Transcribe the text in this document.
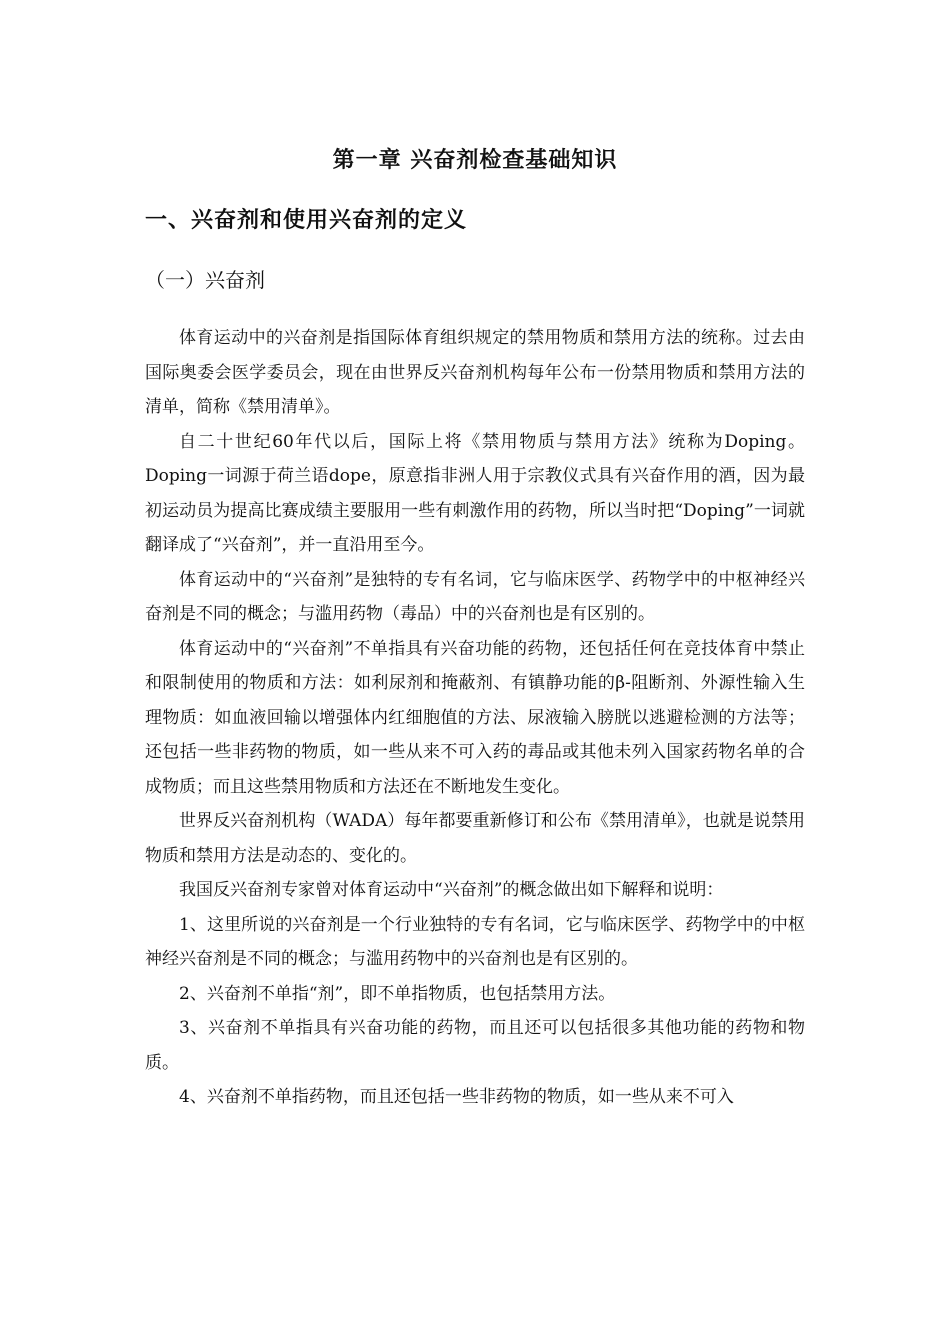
第一章 兴奋剂检查基础知识
一、兴奋剂和使用兴奋剂的定义
（一）兴奋剂

体育运动中的兴奋剂是指国际体育组织规定的禁用物质和禁用方法的统称。过去由国际奥委会医学委员会，现在由世界反兴奋剂机构每年公布一份禁用物质和禁用方法的清单，简称《禁用清单》。

自二十世纪60年代以后，国际上将《禁用物质与禁用方法》统称为Doping。Doping一词源于荷兰语dope，原意指非洲人用于宗教仪式具有兴奋作用的酒，因为最初运动员为提高比赛成绩主要服用一些有刺激作用的药物，所以当时把“Doping”一词就翻译成了“兴奋剂”，并一直沿用至今。

体育运动中的“兴奋剂”是独特的专有名词，它与临床医学、药物学中的中枢神经兴奋剂是不同的概念；与滥用药物（毒品）中的兴奋剂也是有区别的。

体育运动中的“兴奋剂”不单指具有兴奋功能的药物，还包括任何在竞技体育中禁止和限制使用的物质和方法：如利尿剂和掩蔽剂、有镇静功能的β-阻断剂、外源性输入生理物质：如血液回输以增强体内红细胞值的方法、尿液输入膀胱以逃避检测的方法等；还包括一些非药物的物质，如一些从来不可入药的毒品或其他未列入国家药物名单的合成物质；而且这些禁用物质和方法还在不断地发生变化。

世界反兴奋剂机构（WADA）每年都要重新修订和公布《禁用清单》，也就是说禁用物质和禁用方法是动态的、变化的。

我国反兴奋剂专家曾对体育运动中“兴奋剂”的概念做出如下解释和说明：

1、这里所说的兴奋剂是一个行业独特的专有名词，它与临床医学、药物学中的中枢神经兴奋剂是不同的概念；与滥用药物中的兴奋剂也是有区别的。

2、兴奋剂不单指“剂”，即不单指物质，也包括禁用方法。

3、兴奋剂不单指具有兴奋功能的药物，而且还可以包括很多其他功能的药物和物质。

4、兴奋剂不单指药物，而且还包括一些非药物的物质，如一些从来不可入
